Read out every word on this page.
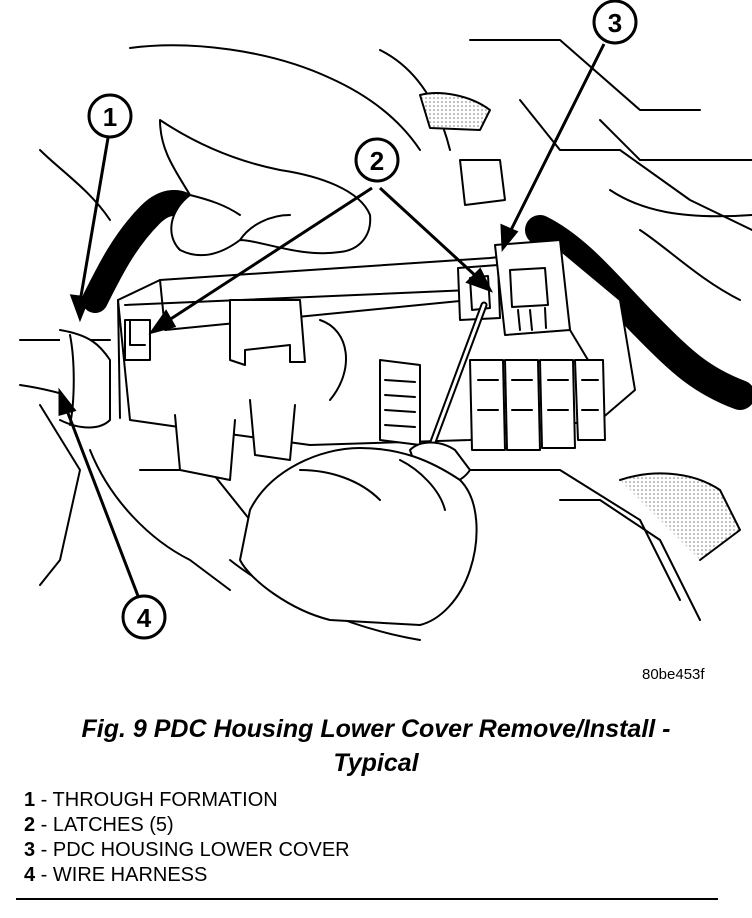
1
2
3
4
80be453f
Fig. 9 PDC Housing Lower Cover Remove/Install -
Typical
1 - THROUGH FORMATION
2 - LATCHES (5)
3 - PDC HOUSING LOWER COVER
4 - WIRE HARNESS
